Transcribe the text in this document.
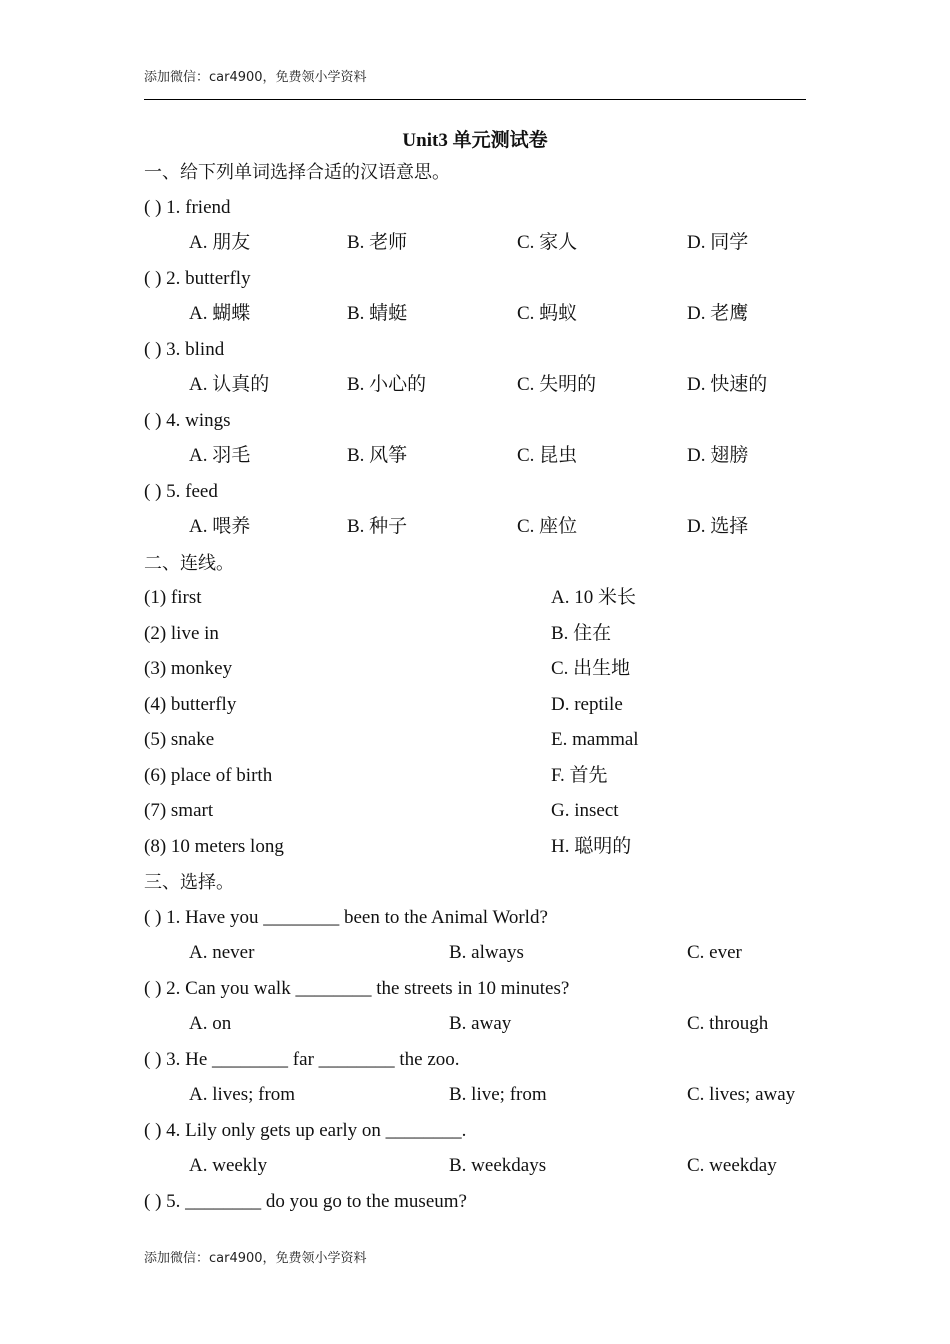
添加微信：car4900，免费领小学资料
Unit3 单元测试卷
一、给下列单词选择合适的汉语意思。
( ) 1. friend
A. 朋友	B. 老师	C. 家人	D. 同学
( ) 2. butterfly
A. 蝴蝶	B. 蜻蜓	C. 蚂蚁	D. 老鹰
( ) 3. blind
A. 认真的	B. 小心的	C. 失明的	D. 快速的
( ) 4. wings
A. 羽毛	B. 风筝	C. 昆虫	D. 翅膀
( ) 5. feed
A. 喂养	B. 种子	C. 座位	D. 选择
二、连线。
(1) first	A. 10 米长
(2) live in	B. 住在
(3) monkey	C. 出生地
(4) butterfly	D. reptile
(5) snake	E. mammal
(6) place of birth	F. 首先
(7) smart	G. insect
(8) 10 meters long	H. 聪明的
三、选择。
( ) 1. Have you ________ been to the Animal World?
A. never	B. always	C. ever
( ) 2. Can you walk ________ the streets in 10 minutes?
A. on	B. away	C. through
( ) 3. He ________ far ________ the zoo.
A. lives; from	B. live; from	C. lives; away
( ) 4. Lily only gets up early on ________.
A. weekly	B. weekdays	C. weekday
( ) 5. ________ do you go to the museum?
添加微信：car4900，免费领小学资料
